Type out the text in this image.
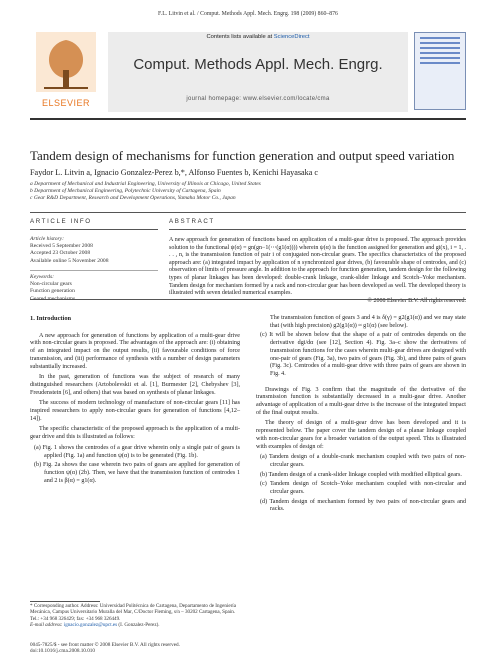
F.L. Litvin et al. / Comput. Methods Appl. Mech. Engrg. 198 (2009) 860–876
ELSEVIER
Contents lists available at ScienceDirect
Comput. Methods Appl. Mech. Engrg.
journal homepage: www.elsevier.com/locate/cma
Tandem design of mechanisms for function generation and output speed variation
Faydor L. Litvin a, Ignacio Gonzalez-Perez b,*, Alfonso Fuentes b, Kenichi Hayasaka c
a Department of Mechanical and Industrial Engineering, University of Illinois at Chicago, United States
b Department of Mechanical Engineering, Polytechnic University of Cartagena, Spain
c Gear R&D Department, Research and Development Operations, Yamaha Motor Co., Japan
ARTICLE INFO	ABSTRACT
Article history:
Received 5 September 2008
Accepted 23 October 2008
Available online 5 November 2008
Keywords:
Non-circular gears
Function generation
Geared mechanisms
A new approach for generation of functions based on application of a multi-gear drive is proposed. The approach provides solution to the functional ψ(α) = gn(gn−1(⋯(g1(α)))) wherein ψ(α) is the function assigned for generation and gi(x), i = 1, . . . , n, is the transmission function of pair i of conjugated non-circular gears. The specifics characteristics of the proposed approach are: (a) integrated impact by application of n synchronized gear drives, (b) favourable shape of centrodes, and (c) observation of limits of pressure angle. In addition to the approach for function generation, tandem design for the following types of planar linkages has been developed: double-crank linkage, crank-slider linkage and Scotch–Yoke mechanism. Tandem design for mechanism formed by a rack and non-circular gear has been developed as well. The developed theory is illustrated with seven detailed numerical examples.
© 2008 Elsevier B.V. All rights reserved.
1. Introduction
A new approach for generation of functions by application of a multi-gear drive with non-circular gears is proposed. The advantages of the approach are: (i) obtaining of an integrated impact on the output results, (ii) favourable conditions of force transmission, and (iii) performance of synthesis with a number of design parameters substantially increased.
In the past, generation of functions was the subject of research of many distinguished researchers (Artobolevskii et al. [1], Burmester [2], Chebyshev [3], Freudenstein [6], and others) that was based on synthesis of planar linkages.
The success of modern technology of manufacture of non-circular gears [11] has inspired researchers to apply non-circular gears for generation of functions [4,12–14]).
The specific characteristic of the proposed approach is the application of a multi-gear drive and this is illustrated as follows:
(a) Fig. 1 shows the centrodes of a gear drive wherein only a single pair of gears is applied (Fig. 1a) and function ψ(α) is to be generated (Fig. 1b).
(b) Fig. 2a shows the case wherein two pairs of gears are applied for generation of function ψ(α) (2b). Then, we have that the transmission function of centrodes 1 and 2 is β(α) = g1(α).
The transmission function of gears 3 and 4 is δ(γ) = g2(g1(α)) and we may state that (with high precision) g2(g1(α)) ≈ g1(α) (see below).
(c) It will be shown below that the shape of a pair of centrodes depends on the derivative dgi/dα (see [12], Section 4). Fig. 3a–c show the derivatives of transmission functions for the cases wherein multi-gear drives are designed with one-pair of gears (Fig. 3a), two pairs of gears (Fig. 3b), and three pairs of gears (Fig. 3c). Centrodes of a multi-gear drive with three pairs of gears are shown in Fig. 4.
Drawings of Fig. 3 confirm that the magnitude of the derivative of the transmission function is substantially decreased in a multi-gear drive. Another advantage of application of a multi-gear drive is the increase of the integrated impact of the final output results.
The theory of design of a multi-gear drive has been developed and it is represented below. The paper cover the tandem design of a planar linkage coupled with non-circular gears for a broader variation of the output speed. This is illustrated with examples of design of:
(a) Tandem design of a double-crank mechanism coupled with two pairs of non-circular gears.
(b) Tandem design of a crank-slider linkage coupled with modified elliptical gears.
(c) Tandem design of Scotch–Yoke mechanism coupled with non-circular and circular gears.
(d) Tandem design of mechanism formed by two pairs of non-circular gears and racks.
* Corresponding author. Address: Universidad Politécnica de Cartagena, Departamento de Ingeniería Mecánica, Campus Universitario Muralla del Mar, C/Doctor Fleming, s/n – 30202 Cartagena, Spain. Tel.: +34 968 326429; fax: +34 968 326449.
E-mail address: ignacio.gonzalez@upct.es (I. Gonzalez-Perez).
0045-7825/$ - see front matter © 2008 Elsevier B.V. All rights reserved.
doi:10.1016/j.cma.2008.10.010
